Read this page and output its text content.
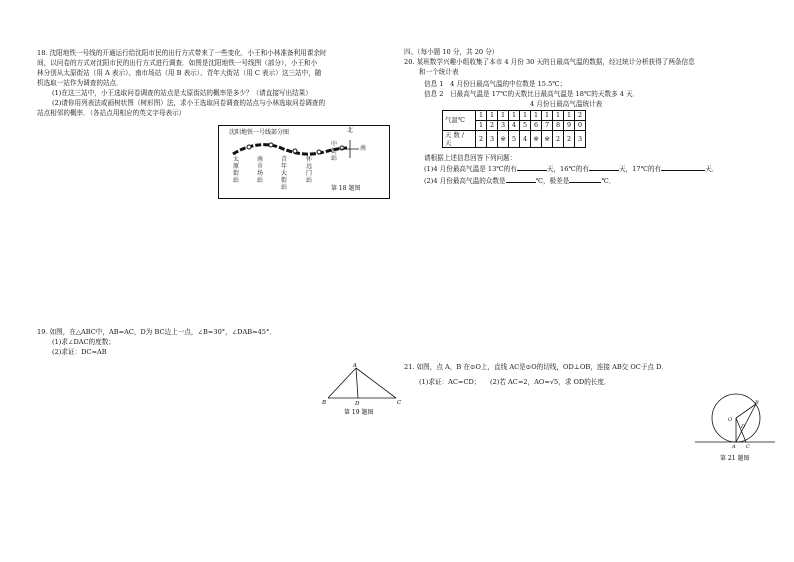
18. 沈阳地铁一号线的开通运行给沈阳市民的出行方式带来了一些变化．小王和小林准备利用课余时
间，以问卷的方式对沈阳市民的出行方式进行调查．如图是沈阳地铁一号线图（部分），小王和小
林分别从太原街站（用 A 表示）、南市场站（用 B 表示）、青年大街站（用 C 表示）这三站中，随
机选取一站作为调查的站点．
(1)在这三站中，小王选取问卷调查的站点是太原街站的概率是多少？（请直接写出结果）
(2)请你用列表法或画树状图（树形图）法，求小王选取问卷调查的站点与小林选取问卷调查的
站点相邻的概率．（各站点用相应的英文字母表示）
沈阳地铁一号线部分图	北
南
太原街站
南市场站
青年大街站
怀远门站
中街站
第 18 题图
19. 如图，在△ABC中，AB=AC，D为 BC边上一点，∠B=30°，∠DAB=45°．
(1)求∠DAC的度数；
(2)求证：DC=AB
A
B	C
D
第 19 题图
四、（每小题 10 分，共 20 分）
20. 某班数学兴趣小组收集了本市 4 月份 30 天的日最高气温的数据，经过统计分析获得了两条信息
和一个统计表
信息 1　4 月份日最高气温的中位数是 15.5℃；
信息 2　日最高气温是 17℃的天数比日最高气温是 18℃的天数多 4 天．
4 月份日最高气温统计表
气温℃	1	1	1	1	1	1	1	1	1	2
	1	2	3	4	5	6	7	8	9	0
天 数 /
天	2	3	※	5	4	※	※	2	2	3
请根据上述信息回答下列问题：
(1)4 月份最高气温是 13℃的有	天，16℃的有	天，17℃的有	天．
(2)4 月份最高气温的众数是	℃，极差是	℃．
21. 如图，点 A，B 在⊙O上，直线 AC是⊙O的切线，OD⊥OB，连接 AB交 OC于点 D．
(1)求证：AC=CD； (2)若 AC=2，AO=√5，求 OD的长度．
B
O
D
A C
第 21 题图
